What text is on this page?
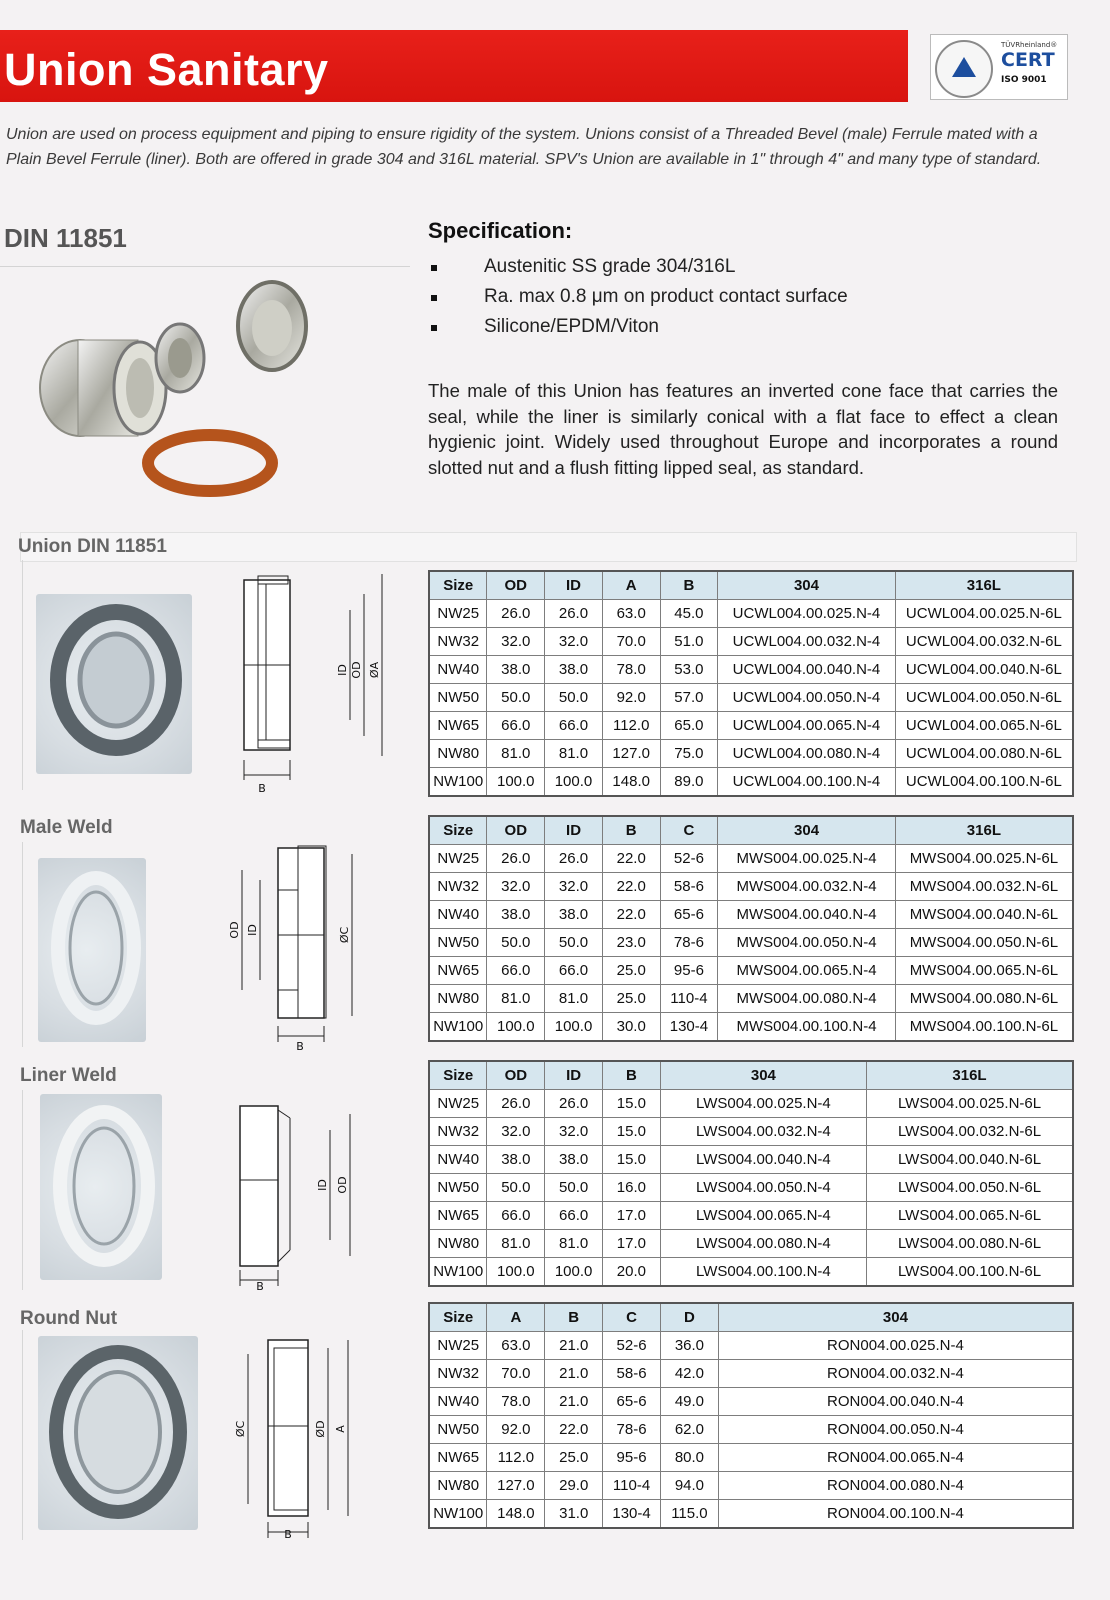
Union Sanitary	TÜVRheinland®
CERT
ISO 9001
Union are used on process equipment and piping to ensure rigidity of the system. Unions consist of a Threaded Bevel (male) Ferrule mated with a Plain Bevel Ferrule (liner). Both are offered in grade 304 and 316L material. SPV's Union are available in 1" through 4" and many type of standard.
DIN 11851	Specification:
Austenitic SS grade 304/316L
Ra. max 0.8 μm on product contact surface
Silicone/EPDM/Viton
The male of this Union has features an inverted cone face that carries the seal, while the liner is similarly conical with a flat face to effect a clean hygienic joint. Widely used throughout Europe and incorporates a round slotted nut and a flush fitting lipped seal, as standard.
Union DIN 11851
ID OD ØA
B
Size	OD	ID	A	B	304	316L
NW25	26.0	26.0	63.0	45.0	UCWL004.00.025.N-4	UCWL004.00.025.N-6L
NW32	32.0	32.0	70.0	51.0	UCWL004.00.032.N-4	UCWL004.00.032.N-6L
NW40	38.0	38.0	78.0	53.0	UCWL004.00.040.N-4	UCWL004.00.040.N-6L
NW50	50.0	50.0	92.0	57.0	UCWL004.00.050.N-4	UCWL004.00.050.N-6L
NW65	66.0	66.0	112.0	65.0	UCWL004.00.065.N-4	UCWL004.00.065.N-6L
NW80	81.0	81.0	127.0	75.0	UCWL004.00.080.N-4	UCWL004.00.080.N-6L
NW100	100.0	100.0	148.0	89.0	UCWL004.00.100.N-4	UCWL004.00.100.N-6L
Male Weld
OD ID	ØC
B
Size	OD	ID	B	C	304	316L
NW25	26.0	26.0	22.0	52-6	MWS004.00.025.N-4	MWS004.00.025.N-6L
NW32	32.0	32.0	22.0	58-6	MWS004.00.032.N-4	MWS004.00.032.N-6L
NW40	38.0	38.0	22.0	65-6	MWS004.00.040.N-4	MWS004.00.040.N-6L
NW50	50.0	50.0	23.0	78-6	MWS004.00.050.N-4	MWS004.00.050.N-6L
NW65	66.0	66.0	25.0	95-6	MWS004.00.065.N-4	MWS004.00.065.N-6L
NW80	81.0	81.0	25.0	110-4	MWS004.00.080.N-4	MWS004.00.080.N-6L
NW100	100.0	100.0	30.0	130-4	MWS004.00.100.N-4	MWS004.00.100.N-6L
Liner Weld
ID OD
B
Size	OD	ID	B	304	316L
NW25	26.0	26.0	15.0	LWS004.00.025.N-4	LWS004.00.025.N-6L
NW32	32.0	32.0	15.0	LWS004.00.032.N-4	LWS004.00.032.N-6L
NW40	38.0	38.0	15.0	LWS004.00.040.N-4	LWS004.00.040.N-6L
NW50	50.0	50.0	16.0	LWS004.00.050.N-4	LWS004.00.050.N-6L
NW65	66.0	66.0	17.0	LWS004.00.065.N-4	LWS004.00.065.N-6L
NW80	81.0	81.0	17.0	LWS004.00.080.N-4	LWS004.00.080.N-6L
NW100	100.0	100.0	20.0	LWS004.00.100.N-4	LWS004.00.100.N-6L
Round Nut
ØC	ØD A
B
Size	A	B	C	D	304
NW25	63.0	21.0	52-6	36.0	RON004.00.025.N-4
NW32	70.0	21.0	58-6	42.0	RON004.00.032.N-4
NW40	78.0	21.0	65-6	49.0	RON004.00.040.N-4
NW50	92.0	22.0	78-6	62.0	RON004.00.050.N-4
NW65	112.0	25.0	95-6	80.0	RON004.00.065.N-4
NW80	127.0	29.0	110-4	94.0	RON004.00.080.N-4
NW100	148.0	31.0	130-4	115.0	RON004.00.100.N-4
